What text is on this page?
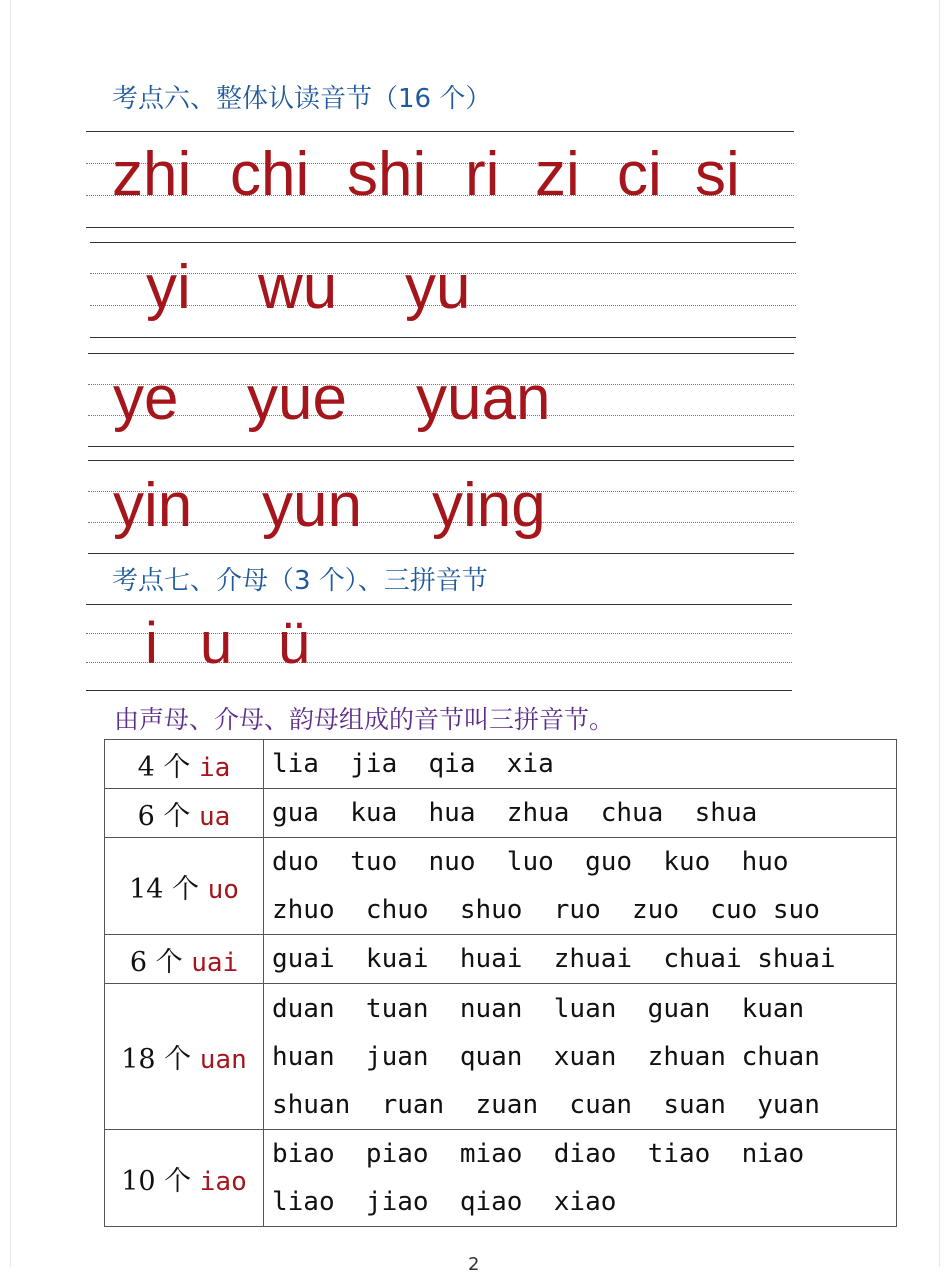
考点六、整体认读音节（16 个）
zhi chi shi ri zi ci si
yi wu yu
ye yue yuan
yin yun ying
考点七、介母（3 个）、三拼音节
i u ü
由声母、介母、韵母组成的音节叫三拼音节。
4 个 ia	lia  jia  qia  xia

6 个 ua	gua  kua  hua  zhua  chua  shua

14 个 uo	duo  tuo  nuo  luo  guo  kuo  huo
zhuo  chuo  shuo  ruo  zuo  cuo suo

6 个 uai	guai  kuai  huai  zhuai  chuai shuai

18 个 uan	duan  tuan  nuan  luan  guan  kuan
huan  juan  quan  xuan  zhuan chuan
shuan  ruan  zuan  cuan  suan  yuan

10 个 iao	biao  piao  miao  diao  tiao  niao
liao  jiao  qiao  xiao
2
